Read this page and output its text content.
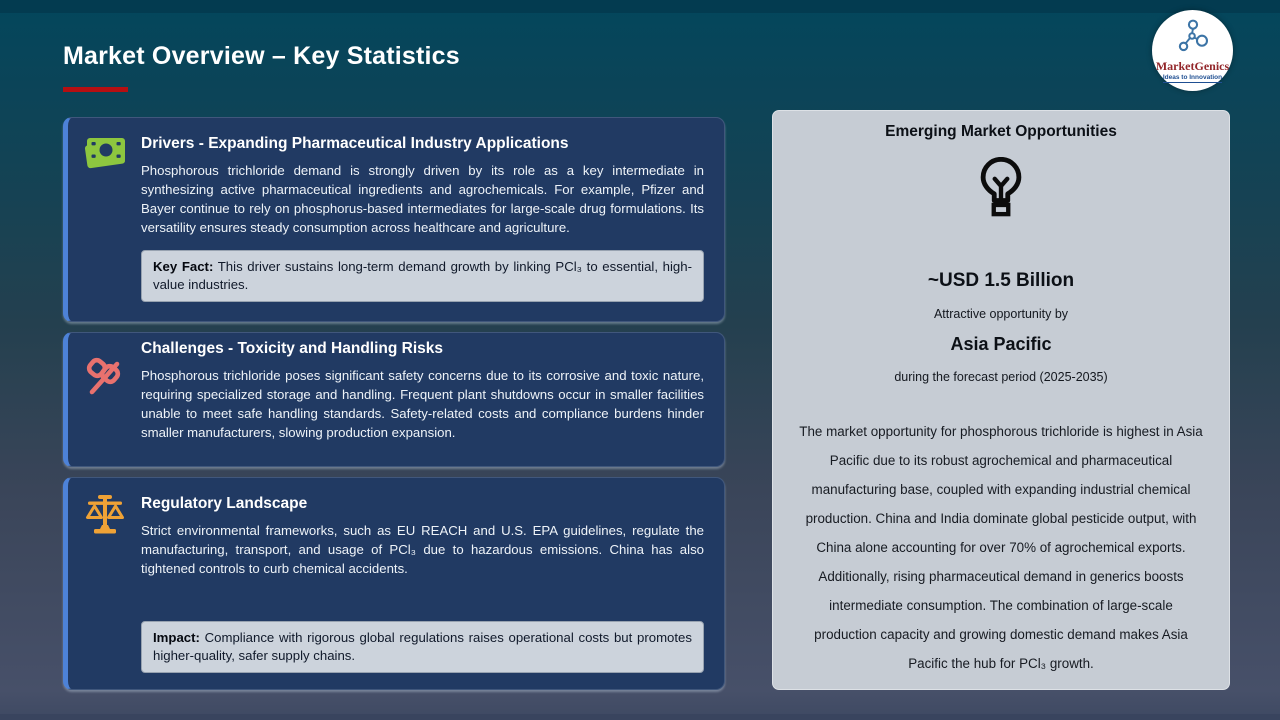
Market Overview – Key Statistics	MarketGenics
Ideas to Innovation
Drivers - Expanding Pharmaceutical Industry Applications

Phosphorous trichloride demand is strongly driven by its role as a key intermediate in synthesizing active pharmaceutical ingredients and agrochemicals. For example, Pfizer and Bayer continue to rely on phosphorus-based intermediates for large-scale drug formulations. Its versatility ensures steady consumption across healthcare and agriculture.

Key Fact: This driver sustains long-term demand growth by linking PCl₃ to essential, high-value industries.
Challenges - Toxicity and Handling Risks

Phosphorous trichloride poses significant safety concerns due to its corrosive and toxic nature, requiring specialized storage and handling. Frequent plant shutdowns occur in smaller facilities unable to meet safe handling standards. Safety-related costs and compliance burdens hinder smaller manufacturers, slowing production expansion.

Regulatory Landscape

Strict environmental frameworks, such as EU REACH and U.S. EPA guidelines, regulate the manufacturing, transport, and usage of PCl₃ due to hazardous emissions. China has also tightened controls to curb chemical accidents.

Impact: Compliance with rigorous global regulations raises operational costs but promotes higher-quality, safer supply chains.
Emerging Market Opportunities
~USD 1.5 Billion
Attractive opportunity by
Asia Pacific
during the forecast period (2025-2035)

The market opportunity for phosphorous trichloride is highest in Asia Pacific due to its robust agrochemical and pharmaceutical manufacturing base, coupled with expanding industrial chemical production. China and India dominate global pesticide output, with China alone accounting for over 70% of agrochemical exports. Additionally, rising pharmaceutical demand in generics boosts intermediate consumption. The combination of large-scale production capacity and growing domestic demand makes Asia Pacific the hub for PCl₃ growth.
